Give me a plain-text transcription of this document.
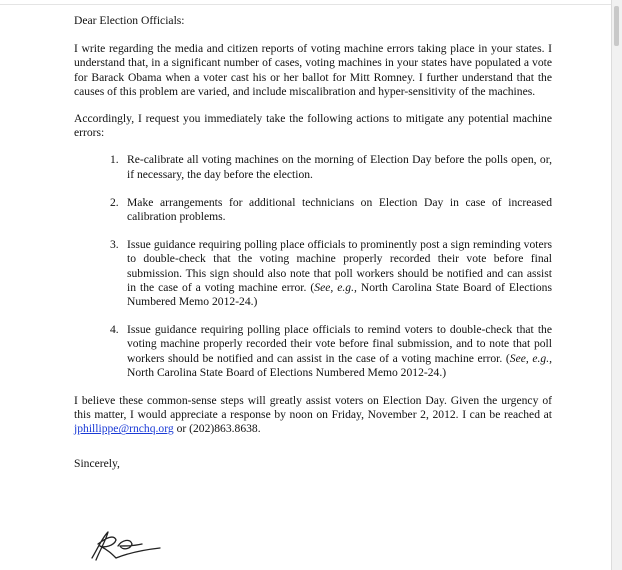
Dear Election Officials:

I write regarding the media and citizen reports of voting machine errors taking place in your states. I understand that, in a significant number of cases, voting machines in your states have populated a vote for Barack Obama when a voter cast his or her ballot for Mitt Romney. I further understand that the causes of this problem are varied, and include miscalibration and hyper-sensitivity of the machines.

Accordingly, I request you immediately take the following actions to mitigate any potential machine errors:

1. Re-calibrate all voting machines on the morning of Election Day before the polls open, or, if necessary, the day before the election.
2. Make arrangements for additional technicians on Election Day in case of increased calibration problems.
3. Issue guidance requiring polling place officials to prominently post a sign reminding voters to double-check that the voting machine properly recorded their vote before final submission. This sign should also note that poll workers should be notified and can assist in the case of a voting machine error. (See, e.g., North Carolina State Board of Elections Numbered Memo 2012-24.)
4. Issue guidance requiring polling place officials to remind voters to double-check that the voting machine properly recorded their vote before final submission, and to note that poll workers should be notified and can assist in the case of a voting machine error. (See, e.g., North Carolina State Board of Elections Numbered Memo 2012-24.)

I believe these common-sense steps will greatly assist voters on Election Day. Given the urgency of this matter, I would appreciate a response by noon on Friday, November 2, 2012. I can be reached at jphillippe@rnchq.org or (202)863.8638.

Sincerely,
